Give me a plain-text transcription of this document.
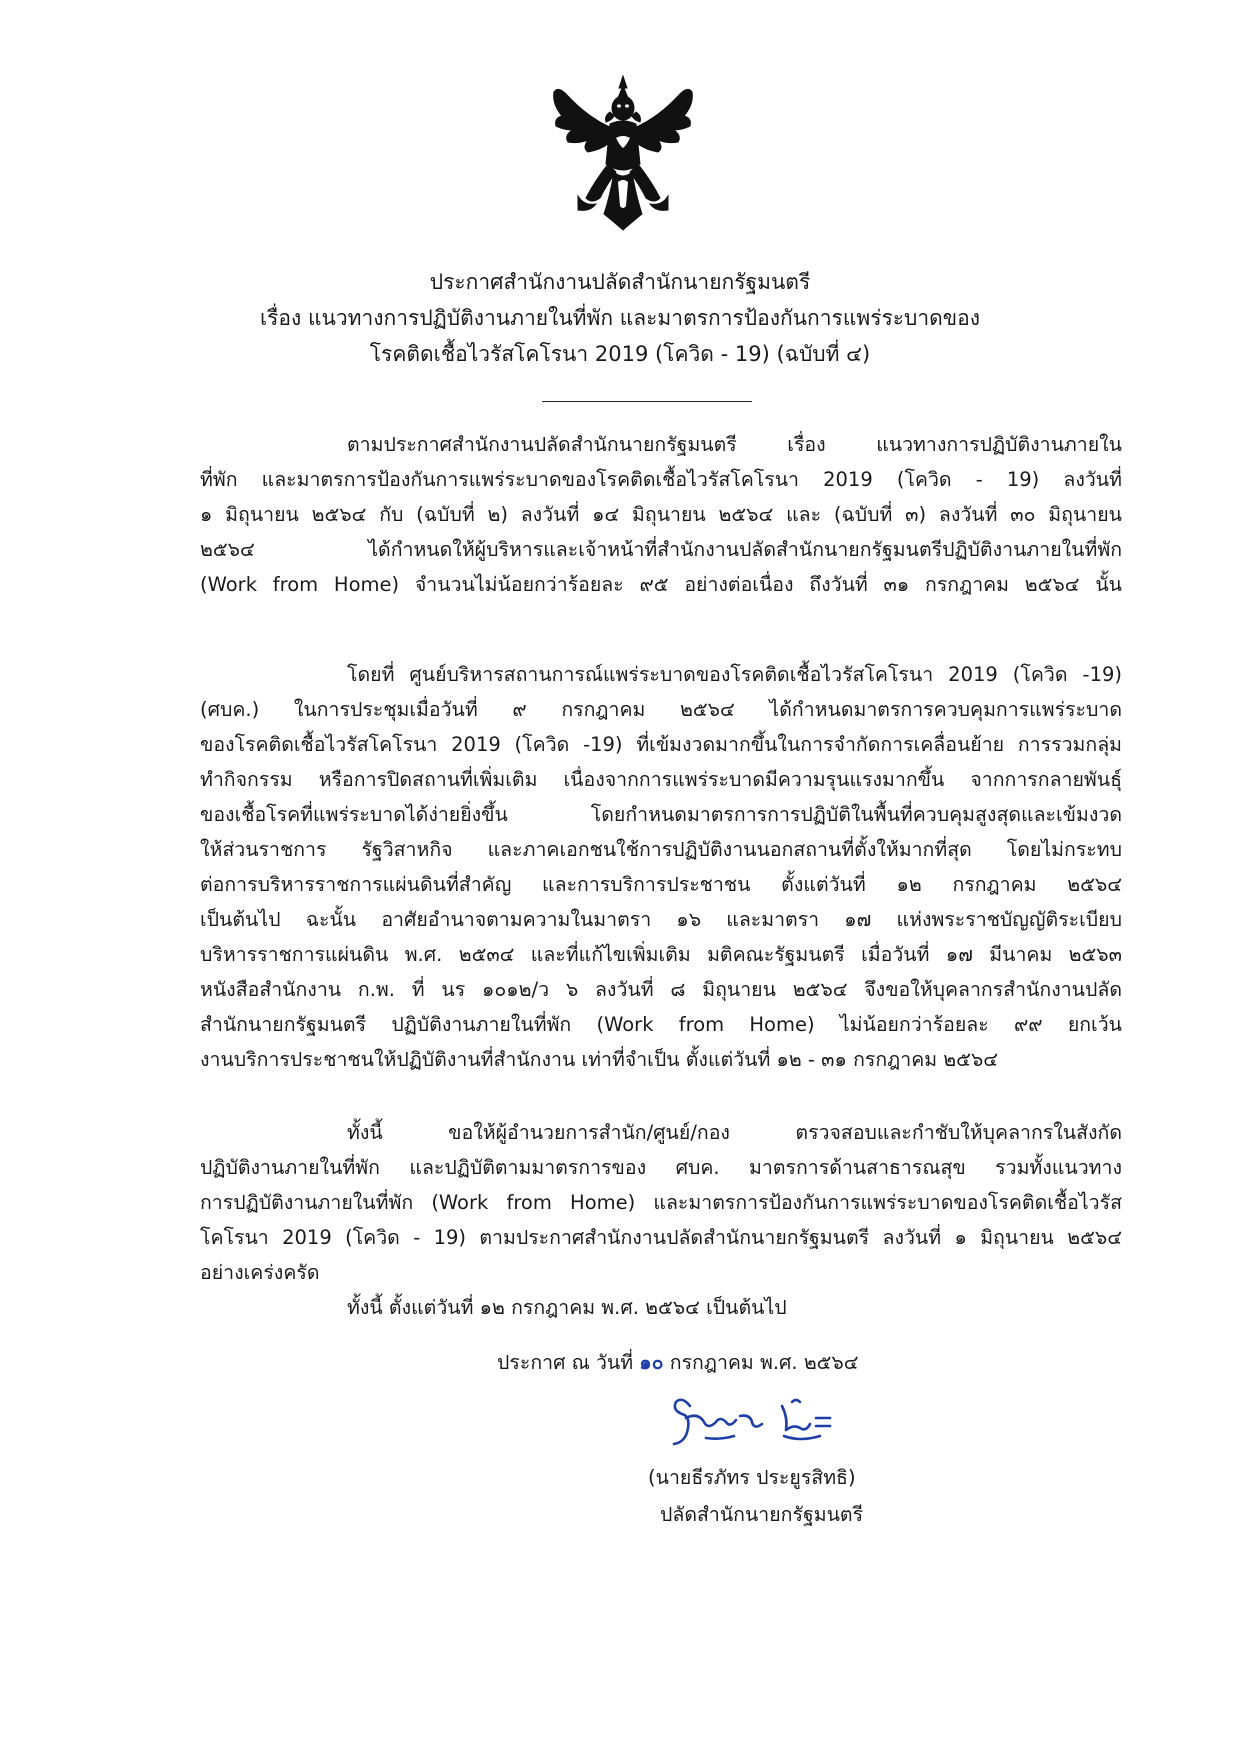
ประกาศสำนักงานปลัดสำนักนายกรัฐมนตรี
เรื่อง แนวทางการปฏิบัติงานภายในที่พัก และมาตรการป้องกันการแพร่ระบาดของ
โรคติดเชื้อไวรัสโคโรนา 2019 (โควิด - 19) (ฉบับที่ ๔)
ตามประกาศสำนักงานปลัดสำนักนายกรัฐมนตรี เรื่อง แนวทางการปฏิบัติงานภายใน
ที่พัก และมาตรการป้องกันการแพร่ระบาดของโรคติดเชื้อไวรัสโคโรนา 2019 (โควิด - 19) ลงวันที่
๑ มิถุนายน ๒๕๖๔ กับ (ฉบับที่ ๒) ลงวันที่ ๑๔ มิถุนายน ๒๕๖๔ และ (ฉบับที่ ๓) ลงวันที่ ๓๐ มิถุนายน
๒๕๖๔ ได้กำหนดให้ผู้บริหารและเจ้าหน้าที่สำนักงานปลัดสำนักนายกรัฐมนตรีปฏิบัติงานภายในที่พัก
(Work from Home) จำนวนไม่น้อยกว่าร้อยละ ๙๕ อย่างต่อเนื่อง ถึงวันที่ ๓๑ กรกฎาคม ๒๕๖๔ นั้น
โดยที่ ศูนย์บริหารสถานการณ์แพร่ระบาดของโรคติดเชื้อไวรัสโคโรนา 2019 (โควิด -19)
(ศบค.) ในการประชุมเมื่อวันที่ ๙ กรกฎาคม ๒๕๖๔ ได้กำหนดมาตรการควบคุมการแพร่ระบาด
ของโรคติดเชื้อไวรัสโคโรนา 2019 (โควิด -19) ที่เข้มงวดมากขึ้นในการจำกัดการเคลื่อนย้าย การรวมกลุ่ม
ทำกิจกรรม หรือการปิดสถานที่เพิ่มเติม เนื่องจากการแพร่ระบาดมีความรุนแรงมากขึ้น จากการกลายพันธุ์
ของเชื้อโรคที่แพร่ระบาดได้ง่ายยิ่งขึ้น โดยกำหนดมาตรการการปฏิบัติในพื้นที่ควบคุมสูงสุดและเข้มงวด
ให้ส่วนราชการ รัฐวิสาหกิจ และภาคเอกชนใช้การปฏิบัติงานนอกสถานที่ตั้งให้มากที่สุด โดยไม่กระทบ
ต่อการบริหารราชการแผ่นดินที่สำคัญ และการบริการประชาชน ตั้งแต่วันที่ ๑๒ กรกฎาคม ๒๕๖๔
เป็นต้นไป ฉะนั้น อาศัยอำนาจตามความในมาตรา ๑๖ และมาตรา ๑๗ แห่งพระราชบัญญัติระเบียบ
บริหารราชการแผ่นดิน พ.ศ. ๒๕๓๔ และที่แก้ไขเพิ่มเติม มติคณะรัฐมนตรี เมื่อวันที่ ๑๗ มีนาคม ๒๕๖๓
หนังสือสำนักงาน ก.พ. ที่ นร ๑๐๑๒/ว ๖ ลงวันที่ ๘ มิถุนายน ๒๕๖๔ จึงขอให้บุคลากรสำนักงานปลัด
สำนักนายกรัฐมนตรี ปฏิบัติงานภายในที่พัก (Work from Home) ไม่น้อยกว่าร้อยละ ๙๙ ยกเว้น
งานบริการประชาชนให้ปฏิบัติงานที่สำนักงาน เท่าที่จำเป็น ตั้งแต่วันที่ ๑๒ - ๓๑ กรกฎาคม ๒๕๖๔
ทั้งนี้ ขอให้ผู้อำนวยการสำนัก/ศูนย์/กอง ตรวจสอบและกำชับให้บุคลากรในสังกัด
ปฏิบัติงานภายในที่พัก และปฏิบัติตามมาตรการของ ศบค. มาตรการด้านสาธารณสุข รวมทั้งแนวทาง
การปฏิบัติงานภายในที่พัก (Work from Home) และมาตรการป้องกันการแพร่ระบาดของโรคติดเชื้อไวรัส
โคโรนา 2019 (โควิด - 19) ตามประกาศสำนักงานปลัดสำนักนายกรัฐมนตรี ลงวันที่ ๑ มิถุนายน ๒๕๖๔
อย่างเคร่งครัด
ทั้งนี้ ตั้งแต่วันที่ ๑๒ กรกฎาคม พ.ศ. ๒๕๖๔ เป็นต้นไป
ประกาศ ณ วันที่ ๑๐ กรกฎาคม พ.ศ. ๒๕๖๔
(นายธีรภัทร ประยูรสิทธิ)
ปลัดสำนักนายกรัฐมนตรี
